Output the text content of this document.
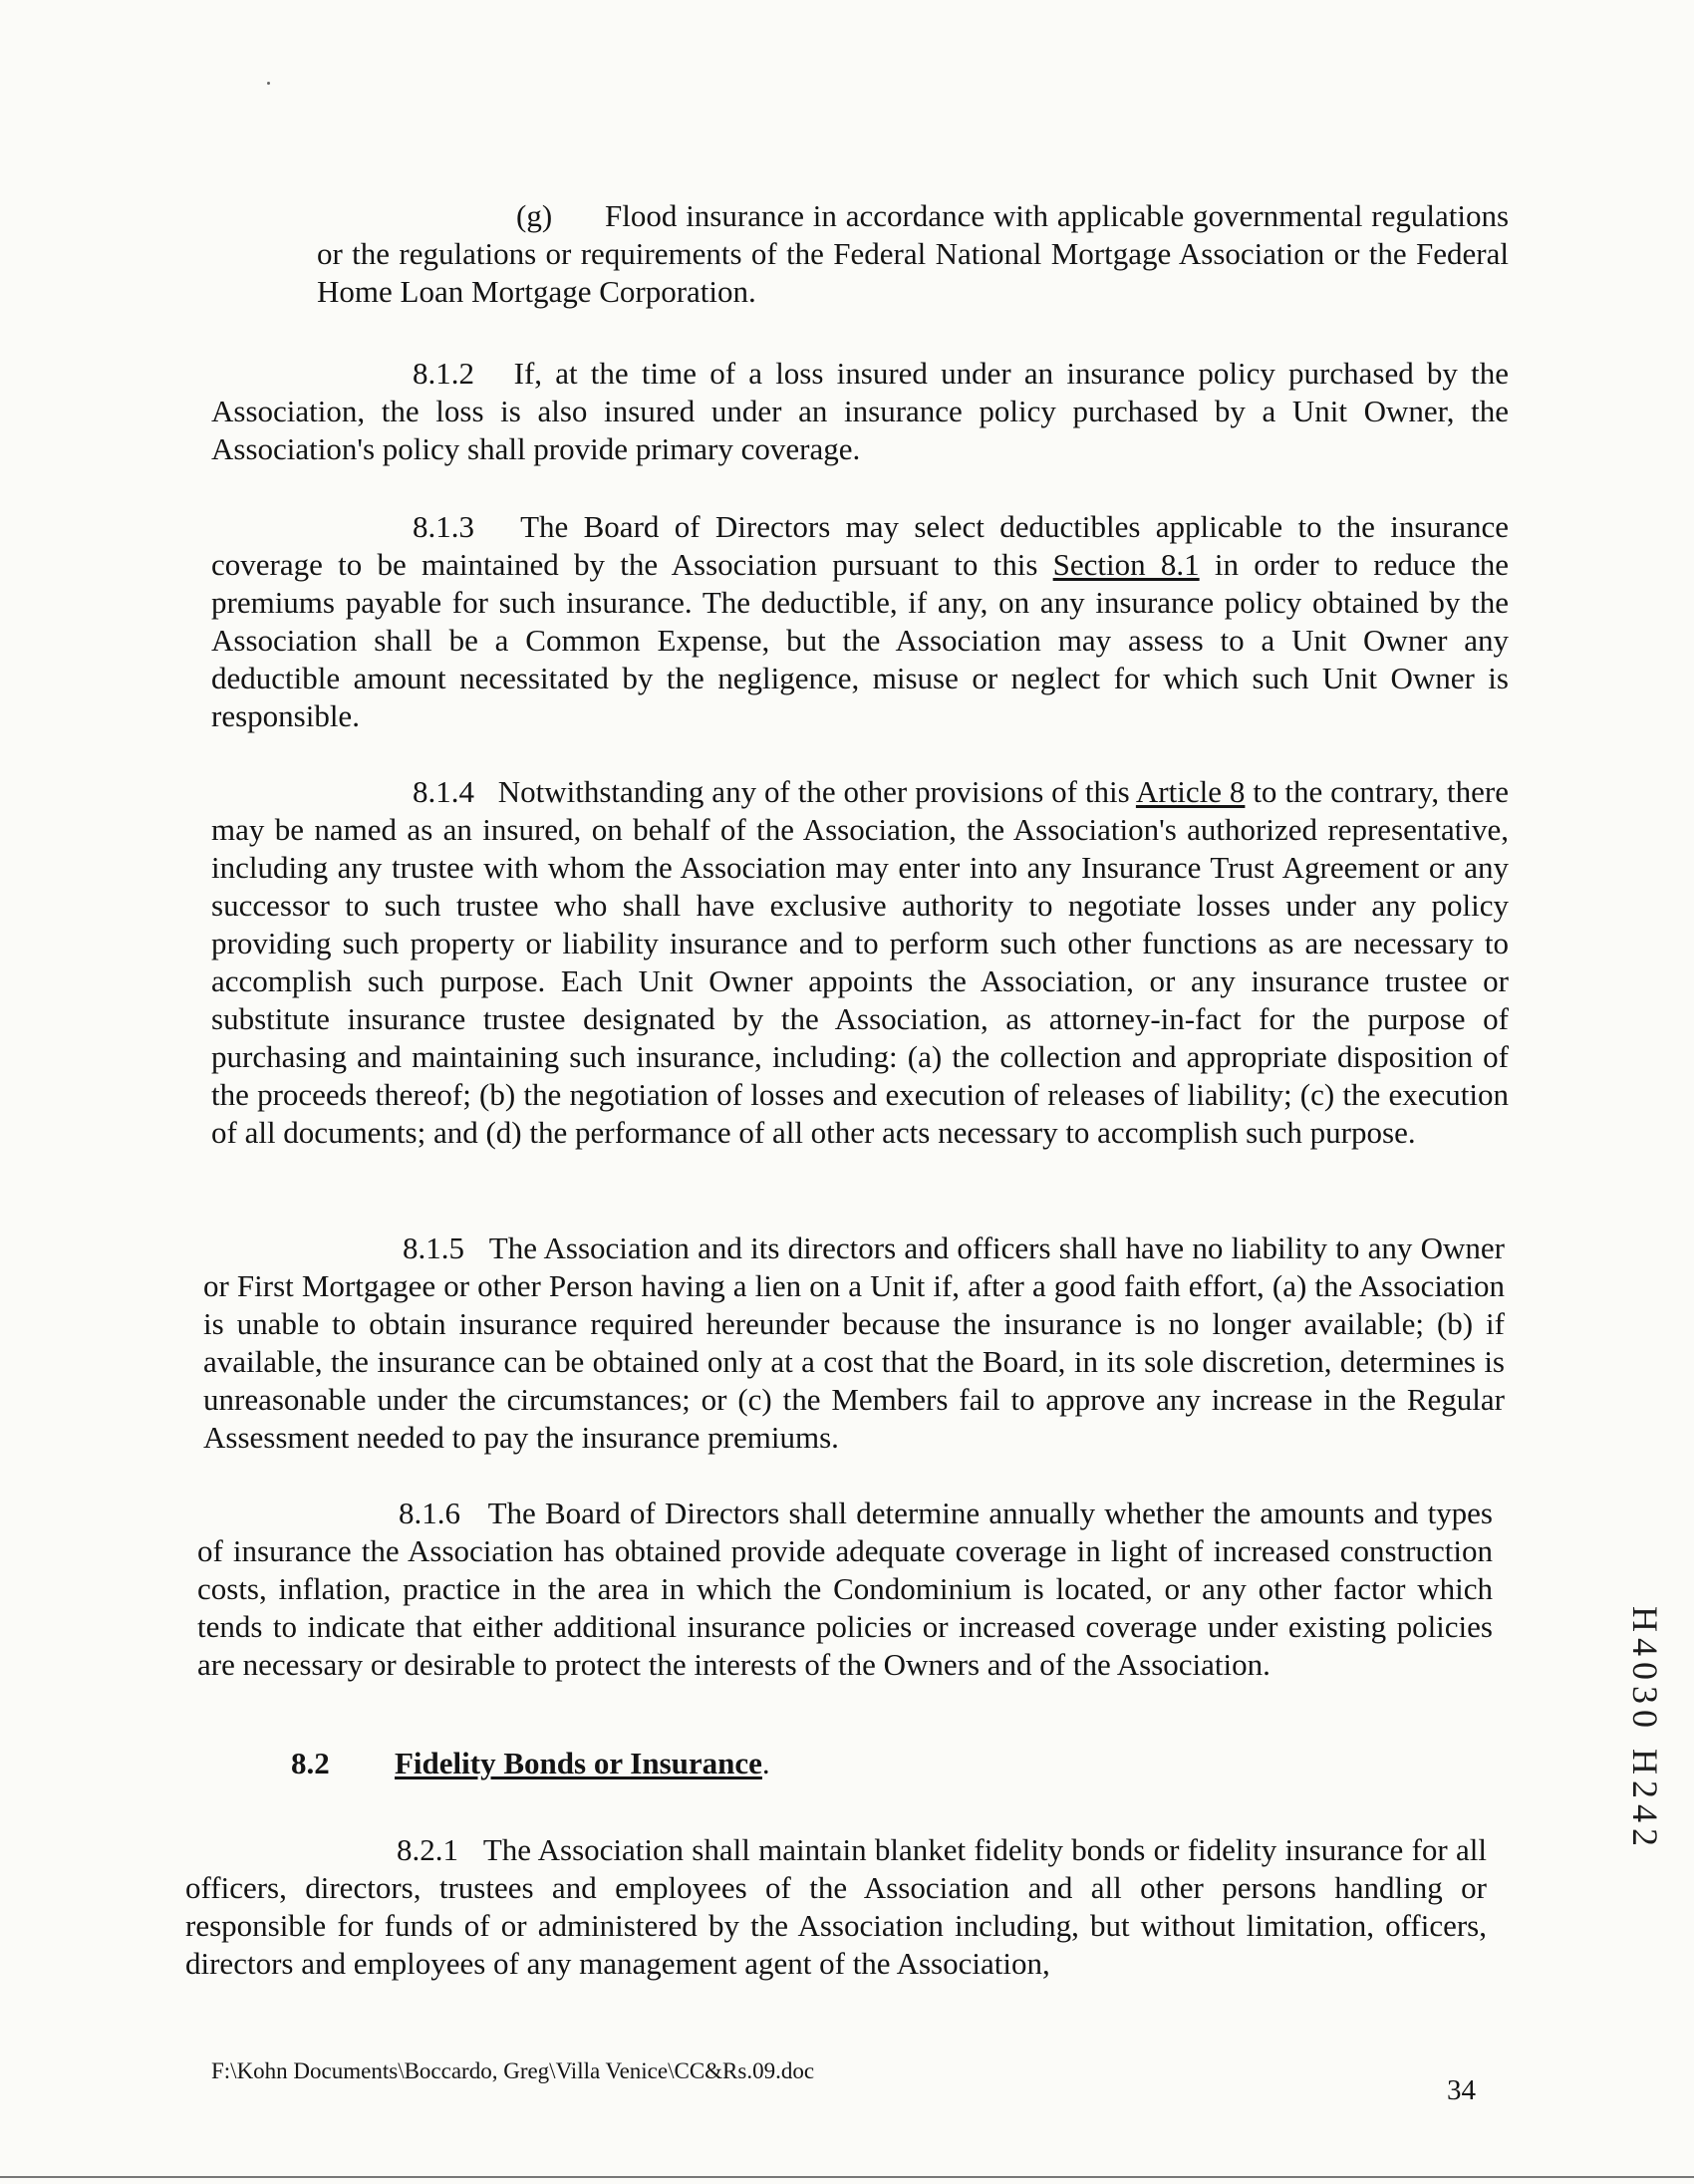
(g) Flood insurance in accordance with applicable governmental regulations or the regulations or requirements of the Federal National Mortgage Association or the Federal Home Loan Mortgage Corporation.
8.1.2 If, at the time of a loss insured under an insurance policy purchased by the Association, the loss is also insured under an insurance policy purchased by a Unit Owner, the Association's policy shall provide primary coverage.
8.1.3 The Board of Directors may select deductibles applicable to the insurance coverage to be maintained by the Association pursuant to this Section 8.1 in order to reduce the premiums payable for such insurance. The deductible, if any, on any insurance policy obtained by the Association shall be a Common Expense, but the Association may assess to a Unit Owner any deductible amount necessitated by the negligence, misuse or neglect for which such Unit Owner is responsible.
8.1.4 Notwithstanding any of the other provisions of this Article 8 to the contrary, there may be named as an insured, on behalf of the Association, the Association's authorized representative, including any trustee with whom the Association may enter into any Insurance Trust Agreement or any successor to such trustee who shall have exclusive authority to negotiate losses under any policy providing such property or liability insurance and to perform such other functions as are necessary to accomplish such purpose. Each Unit Owner appoints the Association, or any insurance trustee or substitute insurance trustee designated by the Association, as attorney-in-fact for the purpose of purchasing and maintaining such insurance, including: (a) the collection and appropriate disposition of the proceeds thereof; (b) the negotiation of losses and execution of releases of liability; (c) the execution of all documents; and (d) the performance of all other acts necessary to accomplish such purpose.
8.1.5 The Association and its directors and officers shall have no liability to any Owner or First Mortgagee or other Person having a lien on a Unit if, after a good faith effort, (a) the Association is unable to obtain insurance required hereunder because the insurance is no longer available; (b) if available, the insurance can be obtained only at a cost that the Board, in its sole discretion, determines is unreasonable under the circumstances; or (c) the Members fail to approve any increase in the Regular Assessment needed to pay the insurance premiums.
8.1.6 The Board of Directors shall determine annually whether the amounts and types of insurance the Association has obtained provide adequate coverage in light of increased construction costs, inflation, practice in the area in which the Condominium is located, or any other factor which tends to indicate that either additional insurance policies or increased coverage under existing policies are necessary or desirable to protect the interests of the Owners and of the Association.
8.2 Fidelity Bonds or Insurance.
8.2.1 The Association shall maintain blanket fidelity bonds or fidelity insurance for all officers, directors, trustees and employees of the Association and all other persons handling or responsible for funds of or administered by the Association including, but without limitation, officers, directors and employees of any management agent of the Association,
F:\Kohn Documents\Boccardo, Greg\Villa Venice\CC&Rs.09.doc
34
H4030 H242
